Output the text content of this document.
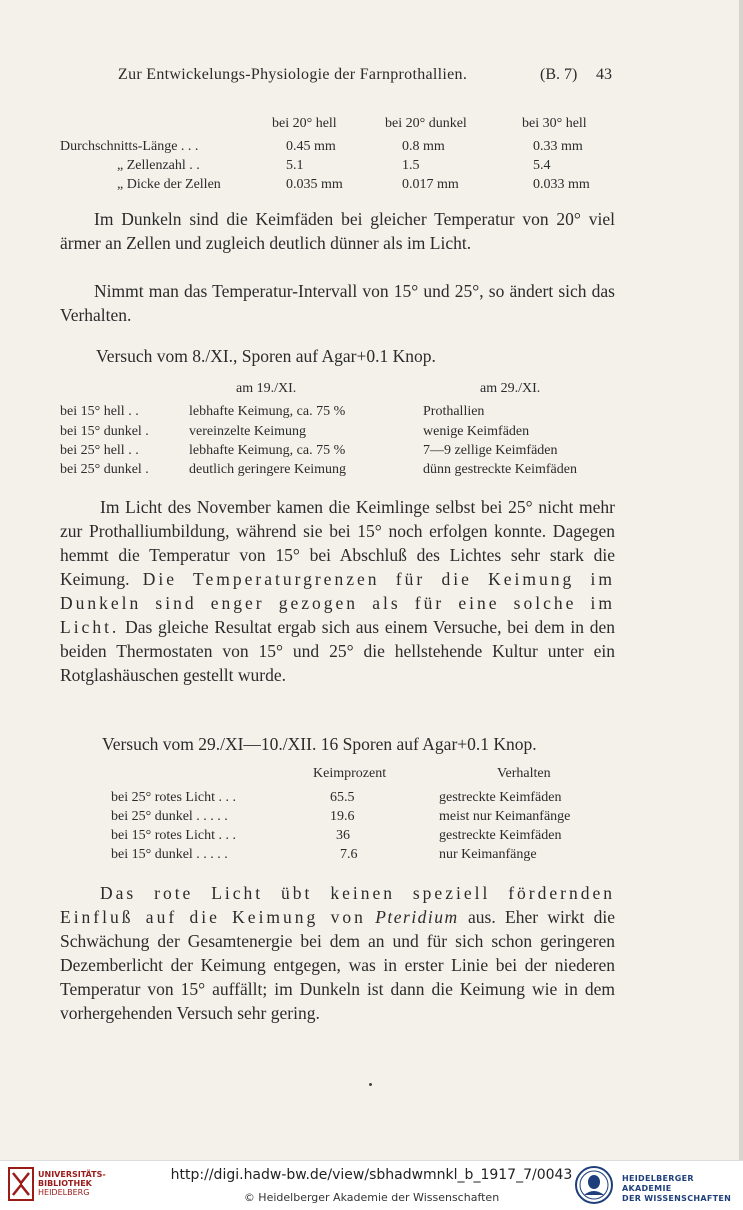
Zur Entwickelungs-Physiologie der Farnprothallien.	(B. 7) 43
bei 20° hell	bei 20° dunkel	bei 30° hell
Durchschnitts-Länge . . .	0.45 mm	0.8 mm	0.33 mm
„ Zellenzahl . .	5.1	1.5	5.4
„ Dicke der Zellen	0.035 mm	0.017 mm	0.033 mm
Im Dunkeln sind die Keimfäden bei gleicher Temperatur von 20° viel ärmer an Zellen und zugleich deutlich dünner als im Licht.
Nimmt man das Temperatur-Intervall von 15° und 25°, so ändert sich das Verhalten.
Versuch vom 8./XI., Sporen auf Agar+0.1 Knop.
am 19./XI.	am 29./XI.
bei 15° hell . .	lebhafte Keimung, ca. 75 %	Prothallien
bei 15° dunkel .	vereinzelte Keimung	wenige Keimfäden
bei 25° hell . .	lebhafte Keimung, ca. 75 %	7—9 zellige Keimfäden
bei 25° dunkel .	deutlich geringere Keimung	dünn gestreckte Keimfäden
Im Licht des November kamen die Keimlinge selbst bei 25° nicht mehr zur Prothalliumbildung, während sie bei 15° noch erfolgen konnte. Dagegen hemmt die Temperatur von 15° bei Abschluß des Lichtes sehr stark die Keimung. Die Temperaturgrenzen für die Keimung im Dunkeln sind enger gezogen als für eine solche im Licht. Das gleiche Resultat ergab sich aus einem Versuche, bei dem in den beiden Thermostaten von 15° und 25° die hellstehende Kultur unter ein Rotglashäuschen gestellt wurde.
Versuch vom 29./XI—10./XII. 16 Sporen auf Agar+0.1 Knop.
Keimprozent	Verhalten
bei 25° rotes Licht . . .	65.5	gestreckte Keimfäden
bei 25° dunkel . . . . .	19.6	meist nur Keimanfänge
bei 15° rotes Licht . . .	36	gestreckte Keimfäden
bei 15° dunkel . . . . .	7.6	nur Keimanfänge
Das rote Licht übt keinen speziell fördernden Einfluß auf die Keimung von Pteridium aus. Eher wirkt die Schwächung der Gesamtenergie bei dem an und für sich schon geringeren Dezemberlicht der Keimung entgegen, was in erster Linie bei der niederen Temperatur von 15° auffällt; im Dunkeln ist dann die Keimung wie in dem vorhergehenden Versuch sehr gering.
UNIVERSITÄTS-
BIBLIOTHEK
HEIDELBERG
http://digi.hadw-bw.de/view/sbhadwmnkl_b_1917_7/0043
© Heidelberger Akademie der Wissenschaften
HEIDELBERGER AKADEMIE
DER WISSENSCHAFTEN
